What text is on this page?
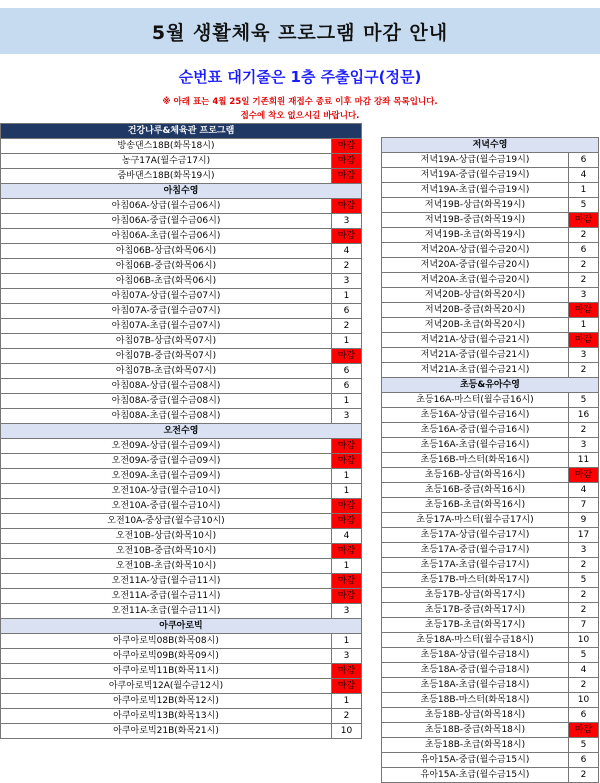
5월 생활체육 프로그램 마감 안내
순번표 대기줄은 1층 주출입구(정문)
※ 아래 표는 4월 25일 기존회원 재접수 종료 이후 마감 강좌 목록입니다.
접수에 착오 없으시길 바랍니다.
건강나루&체육관 프로그램	
방송댄스18B(화목18시)	마감
농구17A(월수금17시)	마감
줌바댄스18B(화목19시)	마감
아침수영	
아침06A-상급(월수금06시)	마감
아침06A-중급(월수금06시)	3
아침06A-초급(월수금06시)	마감
아침06B-상급(화목06시)	4
아침06B-중급(화목06시)	2
아침06B-초급(화목06시)	3
아침07A-상급(월수금07시)	1
아침07A-중급(월수금07시)	6
아침07A-초급(월수금07시)	2
아침07B-상급(화목07시)	1
아침07B-중급(화목07시)	마감
아침07B-초급(화목07시)	6
아침08A-상급(월수금08시)	6
아침08A-중급(월수금08시)	1
아침08A-초급(월수금08시)	3
오전수영	
오전09A-상급(월수금09시)	마감
오전09A-중급(월수금09시)	마감
오전09A-초급(월수금09시)	1
오전10A-상급(월수금10시)	1
오전10A-중급(월수금10시)	마감
오전10A-중상급(월수금10시)	마감
오전10B-상급(화목10시)	4
오전10B-중급(화목10시)	마감
오전10B-초급(화목10시)	1
오전11A-상급(월수금11시)	마감
오전11A-중급(월수금11시)	마감
오전11A-초급(월수금11시)	3
아쿠아로빅	
아쿠아로빅08B(화목08시)	1
아쿠아로빅09B(화목09시)	3
아쿠아로빅11B(화목11시)	마감
아쿠아로빅12A(월수금12시)	마감
아쿠아로빅12B(화목12시)	1
아쿠아로빅13B(화목13시)	2
아쿠아로빅21B(화목21시)	10
저녁수영	
저녁19A-상급(월수금19시)	6
저녁19A-중급(월수금19시)	4
저녁19A-초급(월수금19시)	1
저녁19B-상급(화목19시)	5
저녁19B-중급(화목19시)	마감
저녁19B-초급(화목19시)	2
저녁20A-상급(월수금20시)	6
저녁20A-중급(월수금20시)	2
저녁20A-초급(월수금20시)	2
저녁20B-상급(화목20시)	3
저녁20B-중급(화목20시)	마감
저녁20B-초급(화목20시)	1
저녁21A-상급(월수금21시)	마감
저녁21A-중급(월수금21시)	3
저녁21A-초급(월수금21시)	2
초등&유아수영	
초등16A-마스터(월수금16시)	5
초등16A-상급(월수금16시)	16
초등16A-중급(월수금16시)	2
초등16A-초급(월수금16시)	3
초등16B-마스터(화목16시)	11
초등16B-상급(화목16시)	마감
초등16B-중급(화목16시)	4
초등16B-초급(화목16시)	7
초등17A-마스터(월수금17시)	9
초등17A-상급(월수금17시)	17
초등17A-중급(월수금17시)	3
초등17A-초급(월수금17시)	2
초등17B-마스터(화목17시)	5
초등17B-상급(화목17시)	2
초등17B-중급(화목17시)	2
초등17B-초급(화목17시)	7
초등18A-마스터(월수금18시)	10
초등18A-상급(월수금18시)	5
초등18A-중급(월수금18시)	4
초등18A-초급(월수금18시)	2
초등18B-마스터(화목18시)	10
초등18B-상급(화목18시)	6
초등18B-중급(화목18시)	마감
초등18B-초급(화목18시)	5
유아15A-중급(월수금15시)	6
유아15A-초급(월수금15시)	2
